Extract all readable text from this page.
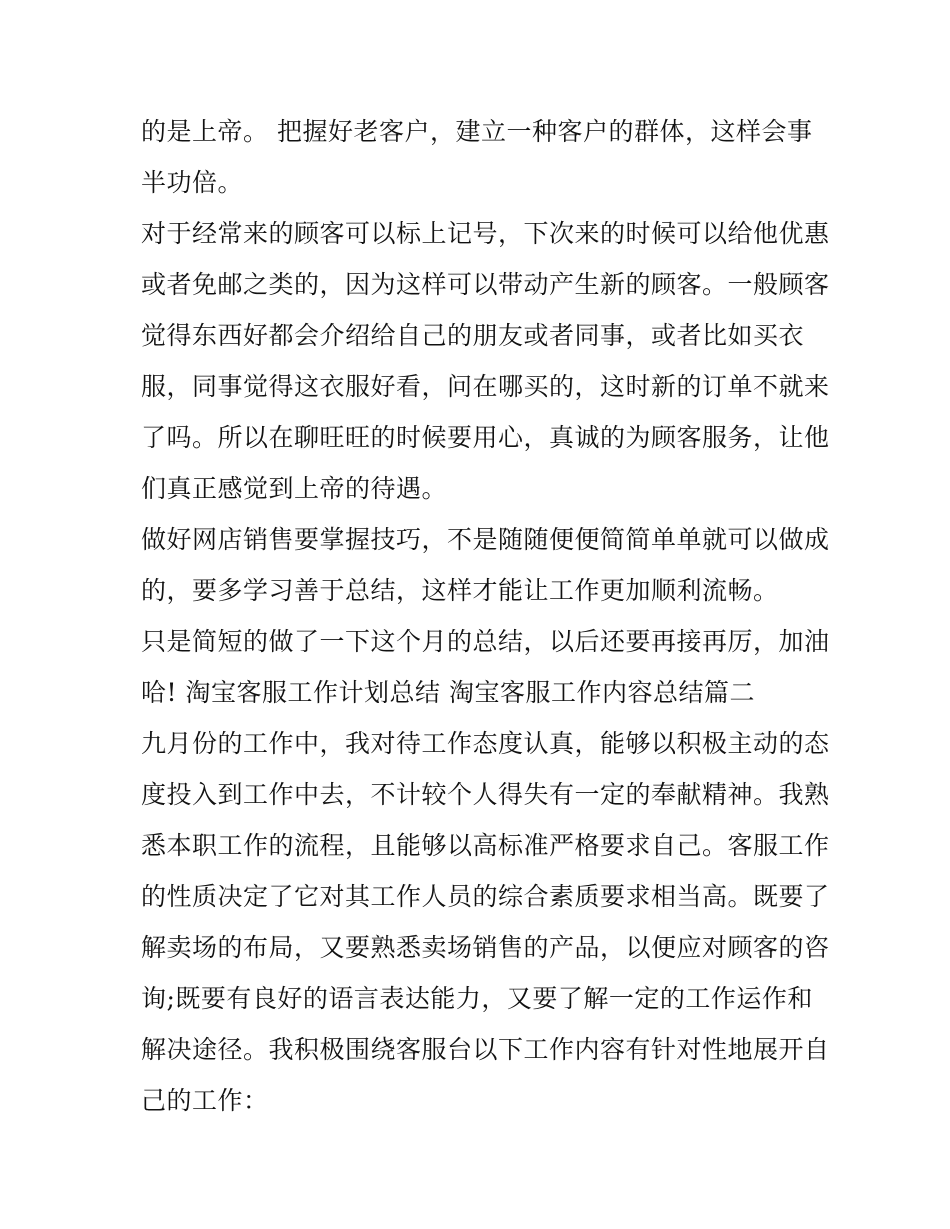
的是上帝。 把握好老客户，建立一种客户的群体，这样会事
半功倍。
对于经常来的顾客可以标上记号，下次来的时候可以给他优惠
或者免邮之类的，因为这样可以带动产生新的顾客。一般顾客
觉得东西好都会介绍给自己的朋友或者同事，或者比如买衣
服，同事觉得这衣服好看，问在哪买的，这时新的订单不就来
了吗。所以在聊旺旺的时候要用心，真诚的为顾客服务，让他
们真正感觉到上帝的待遇。
做好网店销售要掌握技巧，不是随随便便简简单单就可以做成
的，要多学习善于总结，这样才能让工作更加顺利流畅。
只是简短的做了一下这个月的总结，以后还要再接再厉，加油
哈! 淘宝客服工作计划总结 淘宝客服工作内容总结篇二
九月份的工作中，我对待工作态度认真，能够以积极主动的态
度投入到工作中去，不计较个人得失有一定的奉献精神。我熟
悉本职工作的流程，且能够以高标准严格要求自己。客服工作
的性质决定了它对其工作人员的综合素质要求相当高。既要了
解卖场的布局，又要熟悉卖场销售的产品，以便应对顾客的咨
询;既要有良好的语言表达能力，又要了解一定的工作运作和
解决途径。我积极围绕客服台以下工作内容有针对性地展开自
己的工作：
